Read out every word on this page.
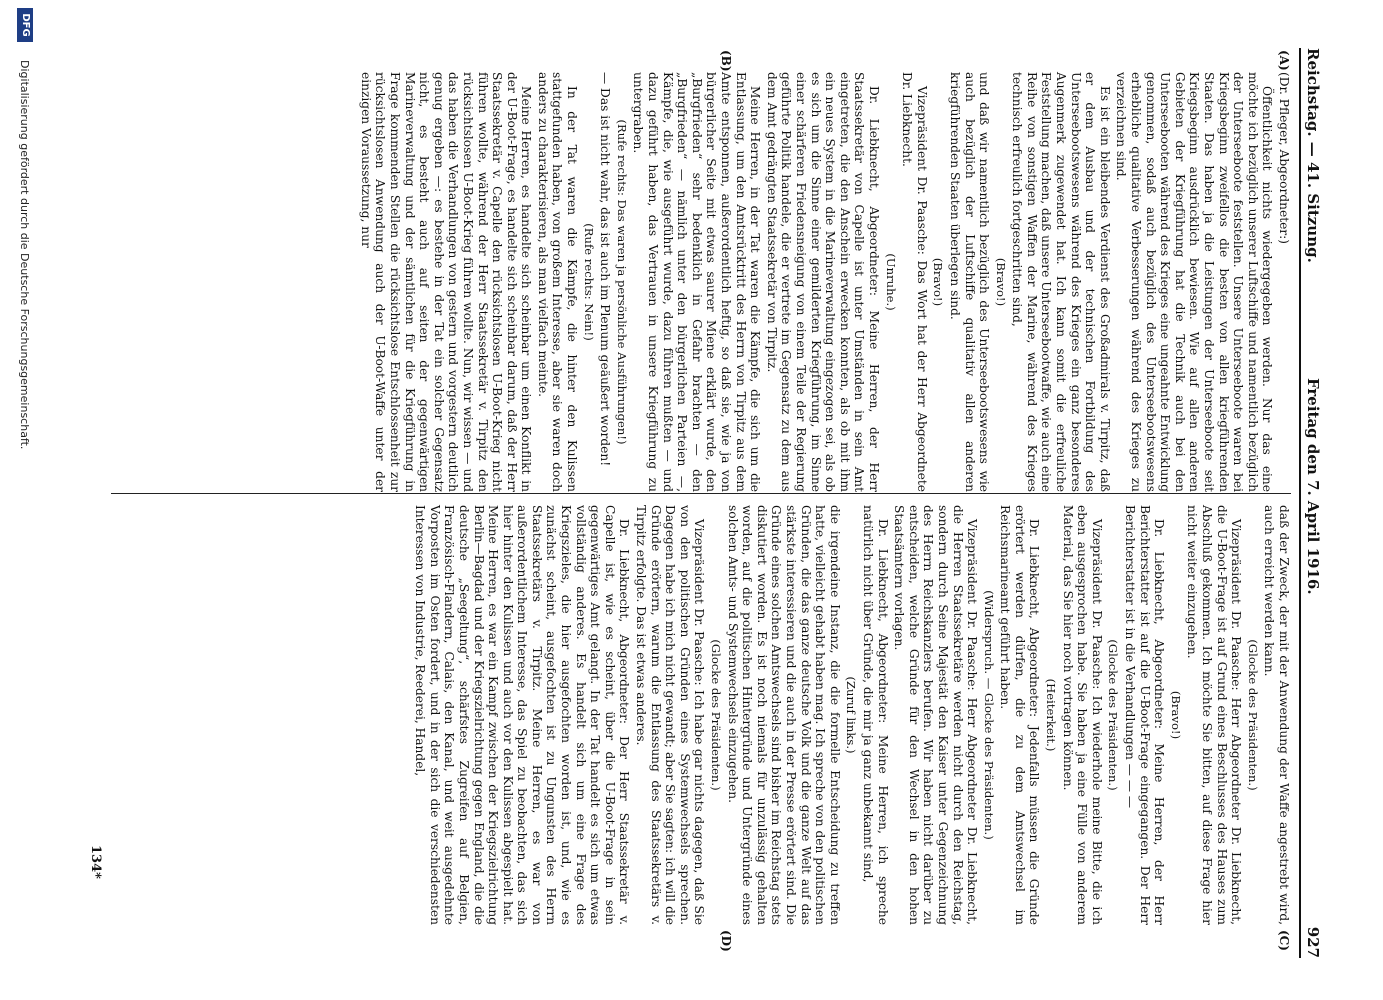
Reichstag. — 41. Sitzung.
Freitag den 7. April 1916.
927
(A)
(B)
(C)
(D)

(Dr. Pfleger, Abgeordneter:)

Öffentlichkeit nichts wiedergegeben werden. Nur das eine möchte ich bezüglich unserer Luftschiffe und namentlich bezüglich der Unterseeboote feststellen. Unsere Unterseeboote waren bei Kriegsbeginn zweifellos die besten von allen kriegführenden Staaten. Das haben ja die Leistungen der Unterseeboote seit Kriegsbeginn ausdrücklich bewiesen. Wie auf allen anderen Gebieten der Kriegführung hat die Technik auch bei den Unterseebooten während des Krieges eine ungeahnte Entwicklung genommen, sodaß auch bezüglich des Unterseebootswesens erhebliche qualitative Verbesserungen während des Krieges zu verzeichnen sind.

Es ist ein bleibendes Verdienst des Großadmirals v. Tirpitz, daß er dem Ausbau und der technischen Fortbildung des Unterseebootswesens während des Krieges ein ganz besonderes Augenmerk zugewendet hat. Ich kann somit die erfreuliche Feststellung machen, daß unsere Unterseebootwaffe, wie auch eine Reihe von sonstigen Waffen der Marine, während des Krieges technisch erfreulich fortgeschritten sind,

(Bravo!)

und daß wir namentlich bezüglich des Unterseebootswesens wie auch bezüglich der Luftschiffe qualitativ allen anderen kriegführenden Staaten überlegen sind.

(Bravo!)

Vizepräsident Dr. Paasche: Das Wort hat der Herr Abgeordnete Dr. Liebknecht.

(Unruhe.)

Dr. Liebknecht, Abgeordneter: Meine Herren, der Herr Staatssekretär von Capelle ist unter Umständen in sein Amt eingetreten, die den Anschein erwecken konnten, als ob mit ihm ein neues System in die Marineverwaltung eingezogen sei, als ob es sich um die Sinne einer gemilderten Kriegführung, im Sinne einer schärferen Friedensneigung von einem Teile der Regierung geführte Politik handele, die er vertrete im Gegensatz zu dem aus dem Amt gedrängten Staatssekretär von Tirpitz.

Meine Herren, in der Tat waren die Kämpfe, die sich um die Entlassung, um den Amtsrücktritt des Herrn von Tirpitz aus dem Amte entsponnen, außerordentlich heftig, so daß sie, wie ja von bürgerlicher Seite mit etwas saurer Miene erklärt wurde, den „Burgfrieden“ sehr bedenklich in Gefahr brachten — den „Burgfrieden“ — nämlich unter den bürgerlichen Parteien —, Kämpfe, die, wie ausgeführt wurde, dazu führen mußten — und dazu geführt haben, das Vertrauen in unsere Kriegführung zu untergraben.

(Rufe rechts: Das waren ja persönliche Ausführungen!)

— Das ist nicht wahr, das ist auch im Plenum geäußert worden!

(Rufe rechts: Nein!)

In der Tat waren die Kämpfe, die hinter den Kulissen stattgefunden haben, von großem Interesse, aber sie waren doch anders zu charakterisieren, als man vielfach meinte.

Meine Herren, es handelte sich scheinbar um einen Konflikt in der U-Boot-Frage, es handelte sich scheinbar darum, daß der Herr Staatssekretär v. Capelle den rücksichtslosen U-Boot-Krieg nicht führen wollte, während der Herr Staatssekretär v. Tirpitz den rücksichtslosen U-Boot-Krieg führen wollte. Nun, wir wissen — und das haben die Verhandlungen von gestern und vorgestern deutlich genug ergeben —: es bestehe in der Tat ein solcher Gegensatz nicht, es besteht auch auf seiten der gegenwärtigen Marineverwaltung und der sämtlichen für die Kriegführung in Frage kommenden Stellen die rücksichtslose Entschlossenheit zur rücksichtslosen Anwendung auch der U-Boot-Waffe unter der einzigen Voraussetzung, nur

daß der Zweck, der mit der Anwendung der Waffe angestrebt wird, auch erreicht werden kann.

(Glocke des Präsidenten.)

Vizepräsident Dr. Paasche: Herr Abgeordneter Dr. Liebknecht, die U-Boot-Frage ist auf Grund eines Beschlusses des Hauses zum Abschluß gekommen. Ich möchte Sie bitten, auf diese Frage hier nicht weiter einzugehen.

(Bravo!)

Dr. Liebknecht, Abgeordneter: Meine Herren, der Herr Berichterstatter ist auf die U-Boot-Frage eingegangen. Der Herr Berichterstatter ist in die Verhandlungen — — —

(Glocke des Präsidenten.)

Vizepräsident Dr. Paasche: Ich wiederhole meine Bitte, die ich eben ausgesprochen habe. Sie haben ja eine Fülle von anderem Material, das Sie hier noch vortragen können.

(Heiterkeit.)

Dr. Liebknecht, Abgeordneter: Jedenfalls müssen die Gründe erörtert werden dürfen, die zu dem Amtswechsel im Reichsmarineamt geführt haben.

(Widerspruch. — Glocke des Präsidenten.)

Vizepräsident Dr. Paasche: Herr Abgeordneter Dr. Liebknecht, die Herren Staatssekretäre werden nicht durch den Reichstag, sondern durch Seine Majestät den Kaiser unter Gegenzeichnung des Herrn Reichskanzlers berufen. Wir haben nicht darüber zu entscheiden, welche Gründe für den Wechsel in den hohen Staatsämtern vorlagen.

Dr. Liebknecht, Abgeordneter: Meine Herren, ich spreche natürlich nicht über Gründe, die mir ja ganz unbekannt sind,

(Zuruf links.)

die irgendeine Instanz, die die formelle Entscheidung zu treffen hatte, vielleicht gehabt haben mag. Ich spreche von den politischen Gründen, die das ganze deutsche Volk und die ganze Welt auf das stärkste interessieren und die auch in der Presse erörtert sind. Die Gründe eines solchen Amtswechsels sind bisher im Reichstag stets diskutiert worden. Es ist noch niemals für unzulässig gehalten worden, auf die politischen Hintergründe und Untergründe eines solchen Amts- und Systemwechsels einzugehen.

(Glocke des Präsidenten.)

Vizepräsident Dr. Paasche: Ich habe gar nichts dagegen, daß Sie von den politischen Gründen eines Systemwechsels sprechen. Dagegen habe ich mich nicht gewandt; aber Sie sagten: ich will die Gründe erörtern, warum die Entlassung des Staatssekretärs v. Tirpitz erfolgte. Das ist etwas anderes.

Dr. Liebknecht, Abgeordneter: Der Herr Staatssekretär v. Capelle ist, wie es scheint, über die U-Boot-Frage in sein gegenwärtiges Amt gelangt. In der Tat handelt es sich um etwas vollständig anderes. Es handelt sich um eine Frage des Kriegszieles, die hier ausgefochten worden ist, und, wie es zunächst scheint, ausgefochten ist zu Ungunsten des Herrn Staatssekretärs v. Tirpitz. Meine Herren, es war von außerordentlichem Interesse, das Spiel zu beobachten, das sich hier hinter den Kulissen und auch vor den Kulissen abgespielt hat. Meine Herren, es war ein Kampf zwischen der Kriegszielrichtung Berlin—Bagdad und der Kriegszielrichtung gegen England, die die deutsche „Seegeltung“, schärfstes Zugreifen auf Belgien, Französisch-Flandern, Calais, den Kanal, und weit ausgedehnte Vorposten im Osten fordert, und in der sich die verschiedensten Interessen von Industrie, Reederei, Handel,

134*
DFG
Digitalisierung gefördert durch die Deutsche Forschungsgemeinschaft.
